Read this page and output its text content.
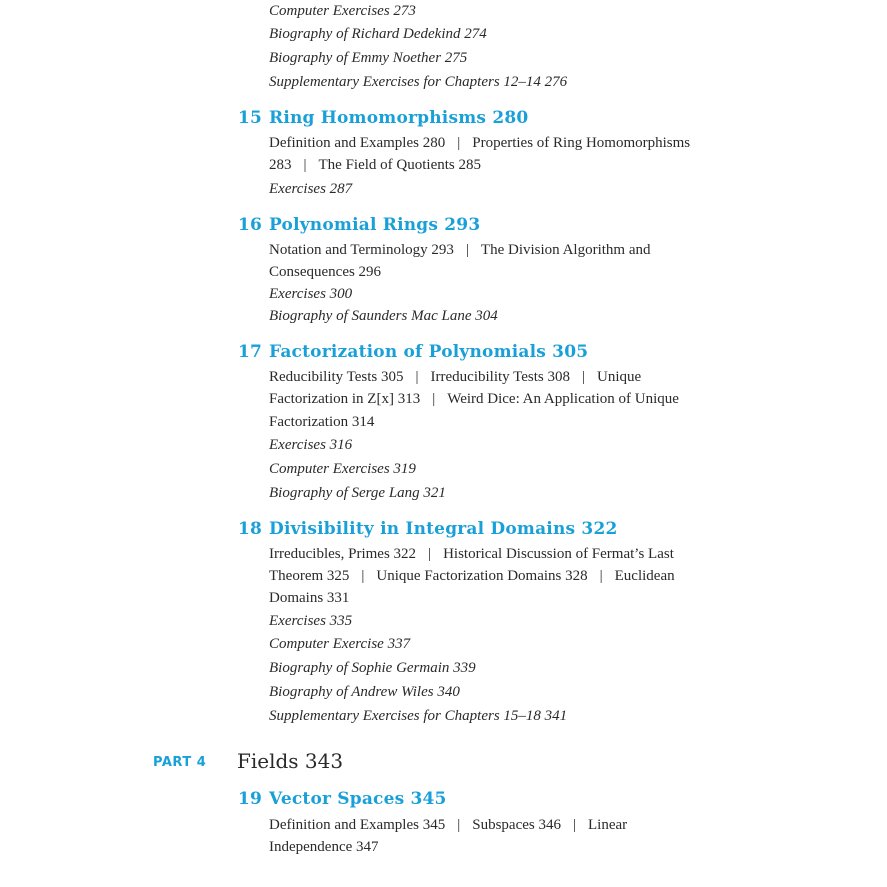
Computer Exercises 273
Biography of Richard Dedekind 274
Biography of Emmy Noether 275
Supplementary Exercises for Chapters 12–14 276
15 Ring Homomorphisms 280
Definition and Examples 280 | Properties of Ring Homomorphisms
283 | The Field of Quotients 285
Exercises 287
16 Polynomial Rings 293
Notation and Terminology 293 | The Division Algorithm and
Consequences 296
Exercises 300
Biography of Saunders Mac Lane 304
17 Factorization of Polynomials 305
Reducibility Tests 305 | Irreducibility Tests 308 | Unique
Factorization in Z[x] 313 | Weird Dice: An Application of Unique
Factorization 314
Exercises 316
Computer Exercises 319
Biography of Serge Lang 321
18 Divisibility in Integral Domains 322
Irreducibles, Primes 322 | Historical Discussion of Fermat’s Last
Theorem 325 | Unique Factorization Domains 328 | Euclidean
Domains 331
Exercises 335
Computer Exercise 337
Biography of Sophie Germain 339
Biography of Andrew Wiles 340
Supplementary Exercises for Chapters 15–18 341
PART 4 Fields 343
19 Vector Spaces 345
Definition and Examples 345 | Subspaces 346 | Linear
Independence 347
